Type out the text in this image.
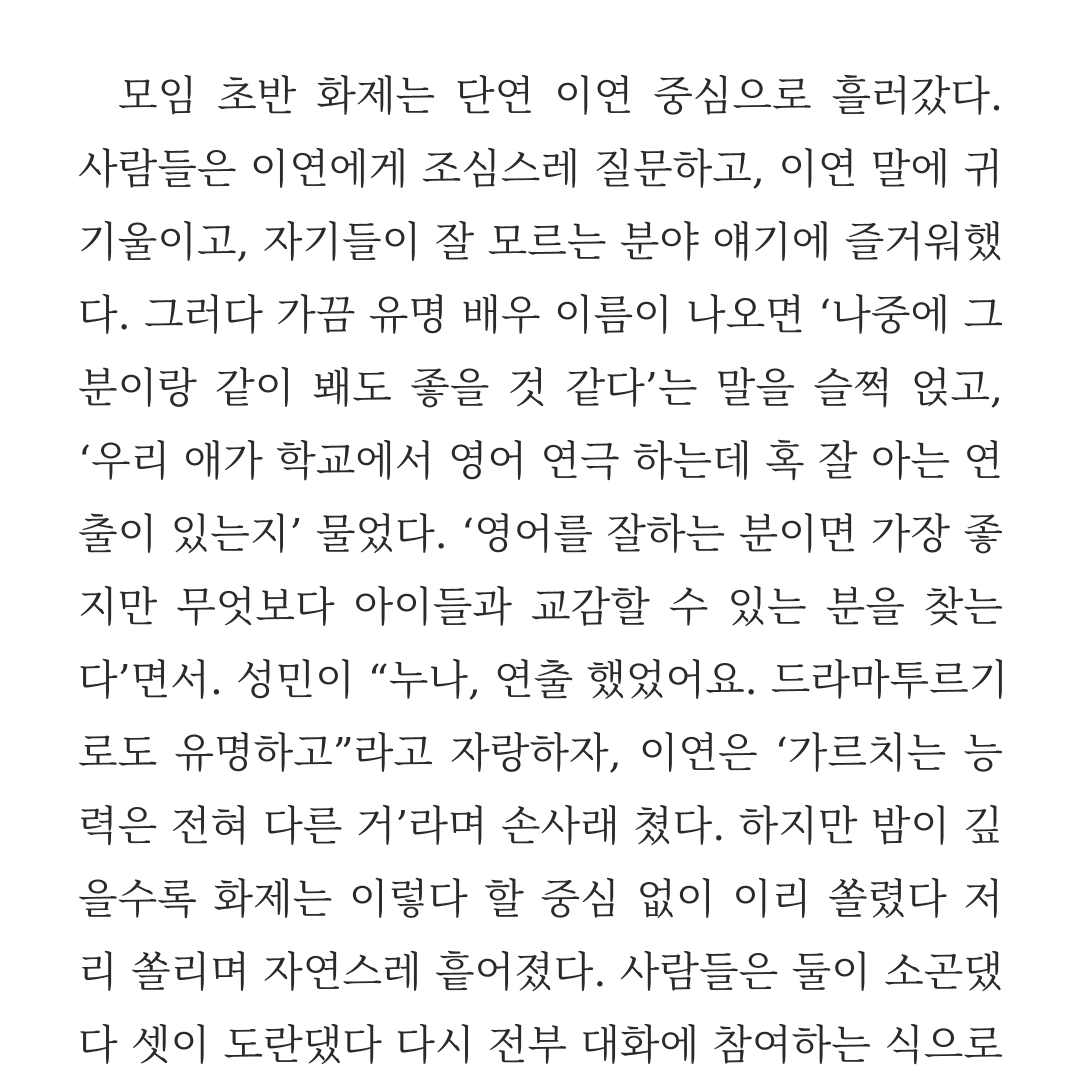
모임 초반 화제는 단연 이연 중심으로 흘러갔다.
사람들은 이연에게 조심스레 질문하고, 이연 말에 귀
기울이고, 자기들이 잘 모르는 분야 얘기에 즐거워했
다. 그러다 가끔 유명 배우 이름이 나오면 ‘나중에 그
분이랑 같이 봬도 좋을 것 같다’는 말을 슬쩍 얹고,
‘우리 애가 학교에서 영어 연극 하는데 혹 잘 아는 연
출이 있는지’ 물었다. ‘영어를 잘하는 분이면 가장 좋
지만 무엇보다 아이들과 교감할 수 있는 분을 찾는
다’면서. 성민이 “누나, 연출 했었어요. 드라마투르기
로도 유명하고”라고 자랑하자, 이연은 ‘가르치는 능
력은 전혀 다른 거’라며 손사래 쳤다. 하지만 밤이 깊
을수록 화제는 이렇다 할 중심 없이 이리 쏠렸다 저
리 쏠리며 자연스레 흩어졌다. 사람들은 둘이 소곤댔
다 셋이 도란댔다 다시 전부 대화에 참여하는 식으로
